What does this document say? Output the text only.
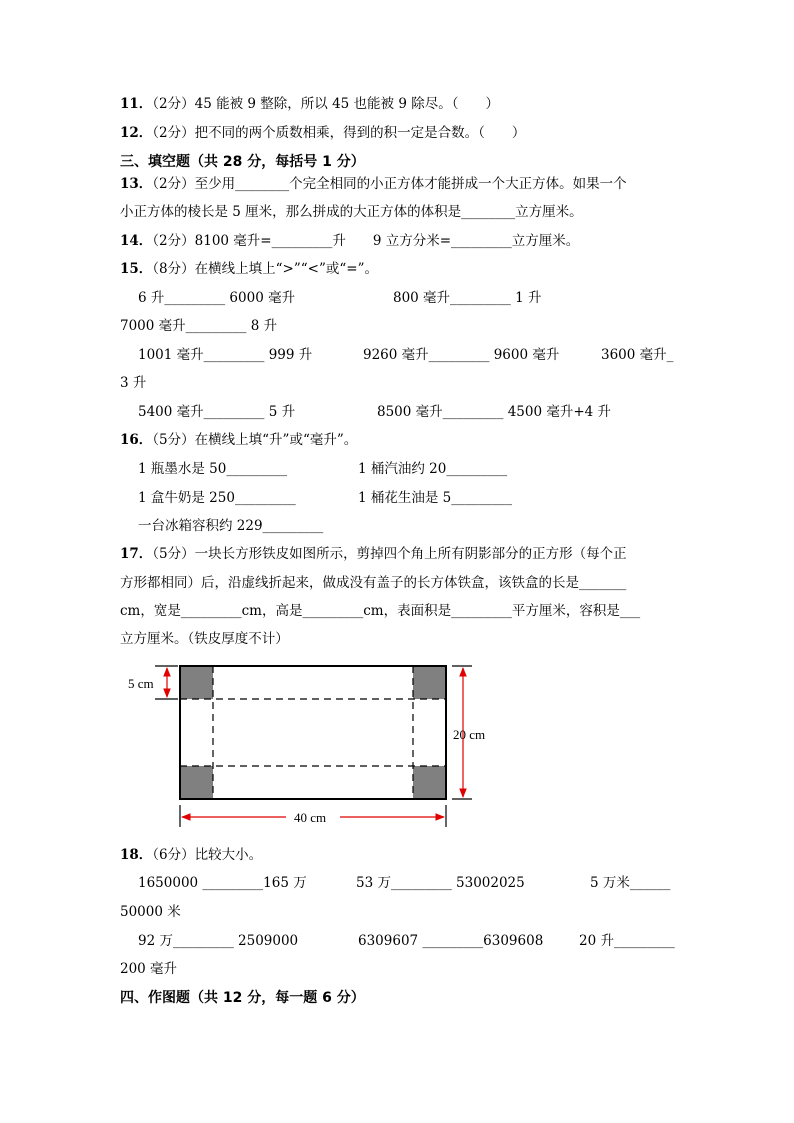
11．（2分）45 能被 9 整除，所以 45 也能被 9 除尽。（　　）
12．（2分）把不同的两个质数相乘，得到的积一定是合数。（　　）
三、填空题（共 28 分，每括号 1 分）
13．（2分）至少用________个完全相同的小正方体才能拼成一个大正方体。如果一个
小正方体的棱长是 5 厘米，那么拼成的大正方体的体积是________立方厘米。
14．（2分）8100 毫升=_________升　　9 立方分米=_________立方厘米。
15．（8分）在横线上填上“>”“<”或“=”。
6 升_________ 6000 毫升	800 毫升_________ 1 升
7000 毫升_________ 8 升
1001 毫升_________ 999 升	9260 毫升_________ 9600 毫升	3600 毫升_
3 升
5400 毫升_________ 5 升	8500 毫升_________ 4500 毫升+4 升
16．（5分）在横线上填“升”或“毫升”。
1 瓶墨水是 50_________	1 桶汽油约 20_________
1 盒牛奶是 250_________	1 桶花生油是 5_________
一台冰箱容积约 229_________
17．（5分）一块长方形铁皮如图所示，剪掉四个角上所有阴影部分的正方形（每个正
方形都相同）后，沿虚线折起来，做成没有盖子的长方体铁盒，该铁盒的长是_______
cm，宽是_________cm，高是_________cm，表面积是_________平方厘米，容积是___
立方厘米。（铁皮厚度不计）
5 cm
20 cm
40 cm
18．（6分）比较大小。
1650000 _________165 万	53 万_________ 53002025	5 万米______
50000 米
92 万_________ 2509000	6309607 _________6309608	20 升_________
200 毫升
四、作图题（共 12 分，每一题 6 分）
